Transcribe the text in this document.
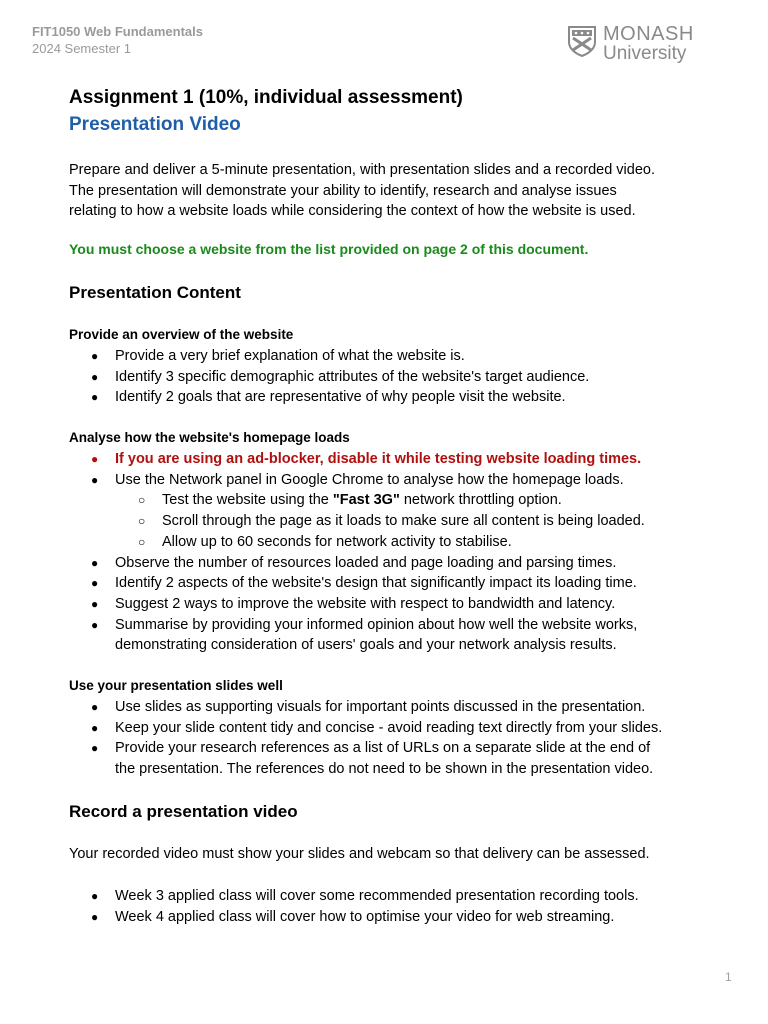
FIT1050 Web Fundamentals
2024 Semester 1
MONASH
University
Assignment 1 (10%, individual assessment)
Presentation Video
Prepare and deliver a 5-minute presentation, with presentation slides and a recorded video.
The presentation will demonstrate your ability to identify, research and analyse issues
relating to how a website loads while considering the context of how the website is used.
You must choose a website from the list provided on page 2 of this document.
Presentation Content
Provide an overview of the website
● Provide a very brief explanation of what the website is.
● Identify 3 specific demographic attributes of the website's target audience.
● Identify 2 goals that are representative of why people visit the website.
Analyse how the website's homepage loads
● If you are using an ad-blocker, disable it while testing website loading times.
● Use the Network panel in Google Chrome to analyse how the homepage loads.
○ Test the website using the "Fast 3G" network throttling option.
○ Scroll through the page as it loads to make sure all content is being loaded.
○ Allow up to 60 seconds for network activity to stabilise.
● Observe the number of resources loaded and page loading and parsing times.
● Identify 2 aspects of the website's design that significantly impact its loading time.
● Suggest 2 ways to improve the website with respect to bandwidth and latency.
● Summarise by providing your informed opinion about how well the website works,
demonstrating consideration of users' goals and your network analysis results.
Use your presentation slides well
● Use slides as supporting visuals for important points discussed in the presentation.
● Keep your slide content tidy and concise - avoid reading text directly from your slides.
● Provide your research references as a list of URLs on a separate slide at the end of
the presentation. The references do not need to be shown in the presentation video.
Record a presentation video
Your recorded video must show your slides and webcam so that delivery can be assessed.
● Week 3 applied class will cover some recommended presentation recording tools.
● Week 4 applied class will cover how to optimise your video for web streaming.
1
